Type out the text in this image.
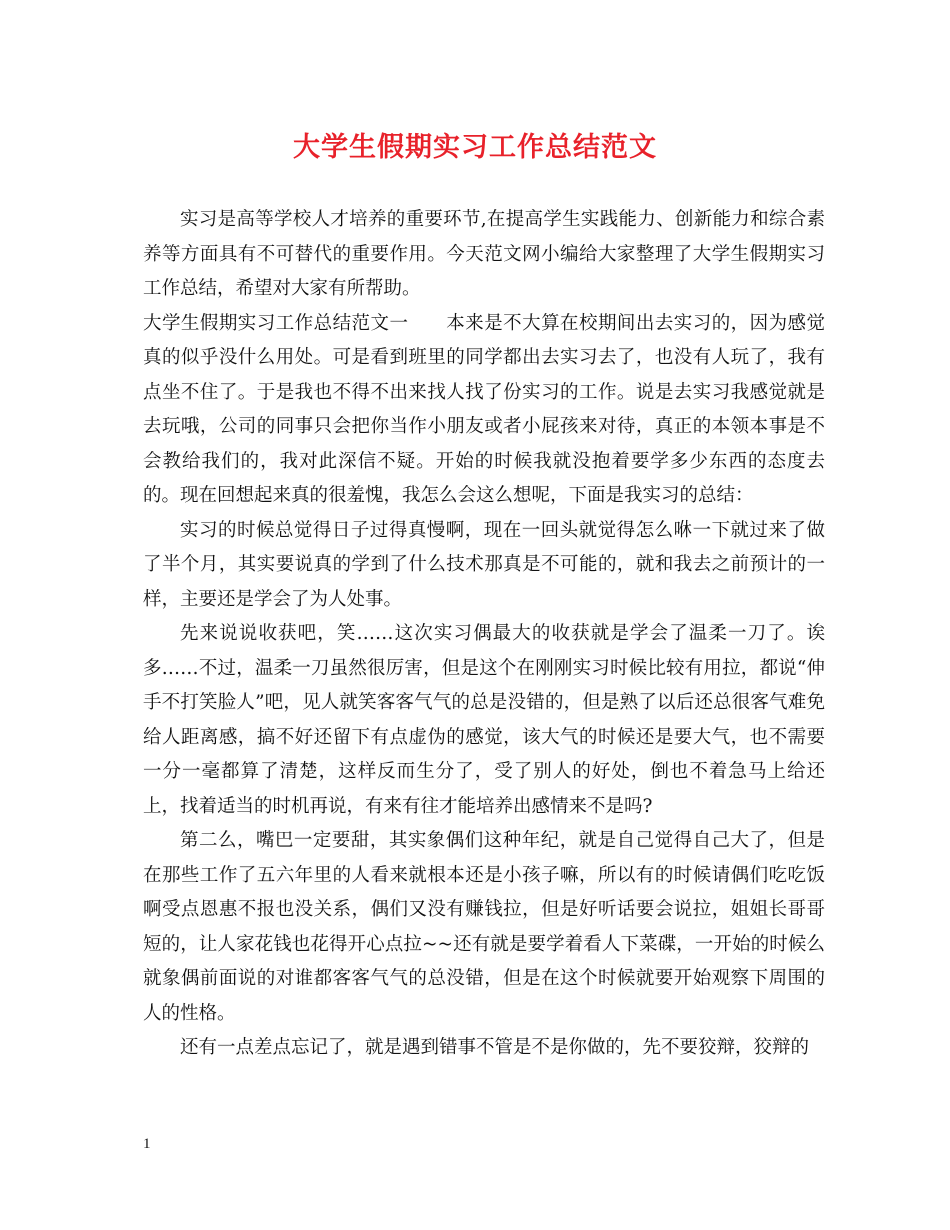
大学生假期实习工作总结范文

实习是高等学校人才培养的重要环节,在提高学生实践能力、创新能力和综合素养等方面具有不可替代的重要作用。今天范文网小编给大家整理了大学生假期实习工作总结，希望对大家有所帮助。

大学生假期实习工作总结范文一　　本来是不大算在校期间出去实习的，因为感觉真的似乎没什么用处。可是看到班里的同学都出去实习去了，也没有人玩了，我有点坐不住了。于是我也不得不出来找人找了份实习的工作。说是去实习我感觉就是去玩哦，公司的同事只会把你当作小朋友或者小屁孩来对待，真正的本领本事是不会教给我们的，我对此深信不疑。开始的时候我就没抱着要学多少东西的态度去的。现在回想起来真的很羞愧，我怎么会这么想呢，下面是我实习的总结：

实习的时候总觉得日子过得真慢啊，现在一回头就觉得怎么咻一下就过来了做了半个月，其实要说真的学到了什么技术那真是不可能的，就和我去之前预计的一样，主要还是学会了为人处事。

先来说说收获吧，笑……这次实习偶最大的收获就是学会了温柔一刀了。诶多……不过，温柔一刀虽然很厉害，但是这个在刚刚实习时候比较有用拉，都说“伸手不打笑脸人”吧，见人就笑客客气气的总是没错的，但是熟了以后还总很客气难免给人距离感，搞不好还留下有点虚伪的感觉，该大气的时候还是要大气，也不需要一分一毫都算了清楚，这样反而生分了，受了别人的好处，倒也不着急马上给还上，找着适当的时机再说，有来有往才能培养出感情来不是吗?

第二么，嘴巴一定要甜，其实象偶们这种年纪，就是自己觉得自己大了，但是在那些工作了五六年里的人看来就根本还是小孩子嘛，所以有的时候请偶们吃吃饭啊受点恩惠不报也没关系，偶们又没有赚钱拉，但是好听话要会说拉，姐姐长哥哥短的，让人家花钱也花得开心点拉~~还有就是要学着看人下菜碟，一开始的时候么就象偶前面说的对谁都客客气气的总没错，但是在这个时候就要开始观察下周围的人的性格。

还有一点差点忘记了，就是遇到错事不管是不是你做的，先不要狡辩，狡辩的

1
